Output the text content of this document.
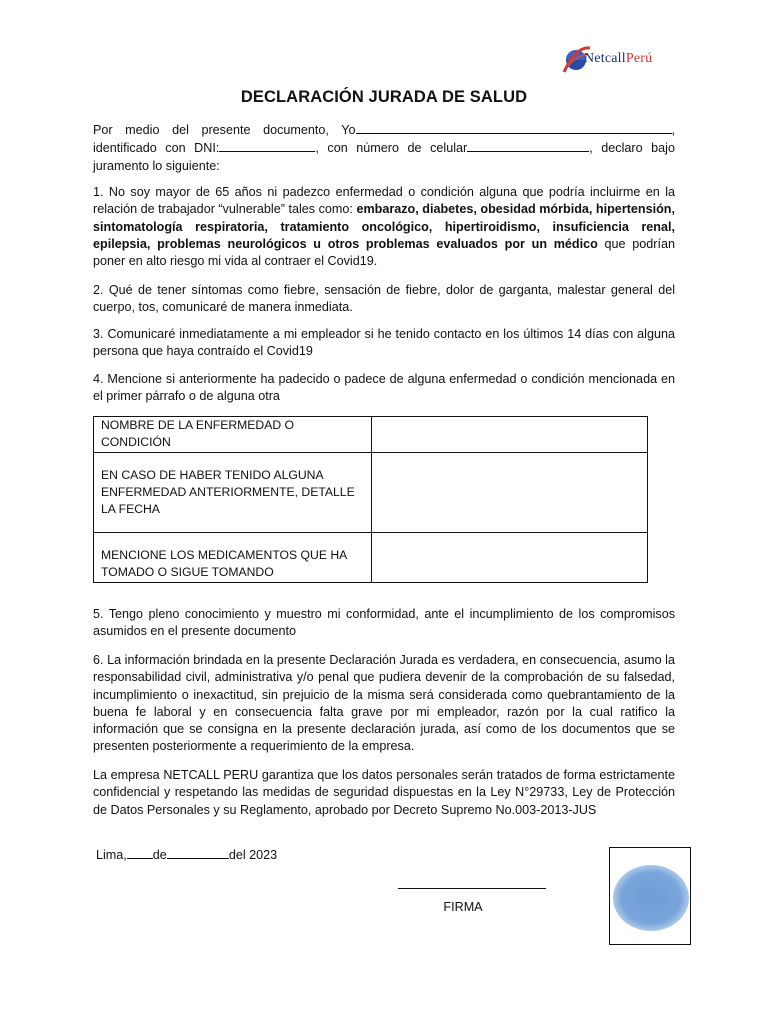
NetcallPerú
DECLARACIÓN JURADA DE SALUD

Por medio del presente documento, Yo	, identificado con DNI:	, con número de celular	, declaro bajo juramento lo siguiente:

1. No soy mayor de 65 años ni padezco enfermedad o condición alguna que podría incluirme en la relación de trabajador “vulnerable” tales como: embarazo, diabetes, obesidad mórbida, hipertensión, sintomatología respiratoria, tratamiento oncológico, hipertiroidismo, insuficiencia renal, epilepsia, problemas neurológicos u otros problemas evaluados por un médico que podrían poner en alto riesgo mi vida al contraer el Covid19.

2. Qué de tener síntomas como fiebre, sensación de fiebre, dolor de garganta, malestar general del cuerpo, tos, comunicaré de manera inmediata.

3. Comunicaré inmediatamente a mi empleador si he tenido contacto en los últimos 14 días con alguna persona que haya contraído el Covid19

4. Mencione si anteriormente ha padecido o padece de alguna enfermedad o condición mencionada en el primer párrafo o de alguna otra

NOMBRE DE LA ENFERMEDAD O CONDICIÓN	
EN CASO DE HABER TENIDO ALGUNA ENFERMEDAD ANTERIORMENTE, DETALLE LA FECHA	
MENCIONE LOS MEDICAMENTOS QUE HA TOMADO O SIGUE TOMANDO	

5. Tengo pleno conocimiento y muestro mi conformidad, ante el incumplimiento de los compromisos asumidos en el presente documento

6. La información brindada en la presente Declaración Jurada es verdadera, en consecuencia, asumo la responsabilidad civil, administrativa y/o penal que pudiera devenir de la comprobación de su falsedad, incumplimiento o inexactitud, sin prejuicio de la misma será considerada como quebrantamiento de la buena fe laboral y en consecuencia falta grave por mi empleador, razón por la cual ratifico la información que se consigna en la presente declaración jurada, así como de los documentos que se presenten posteriormente a requerimiento de la empresa.

La empresa NETCALL PERU garantiza que los datos personales serán tratados de forma estrictamente confidencial y respetando las medidas de seguridad dispuestas en la Ley N°29733, Ley de Protección de Datos Personales y su Reglamento, aprobado por Decreto Supremo No.003-2013-JUS

Lima, de	del 2023
FIRMA
